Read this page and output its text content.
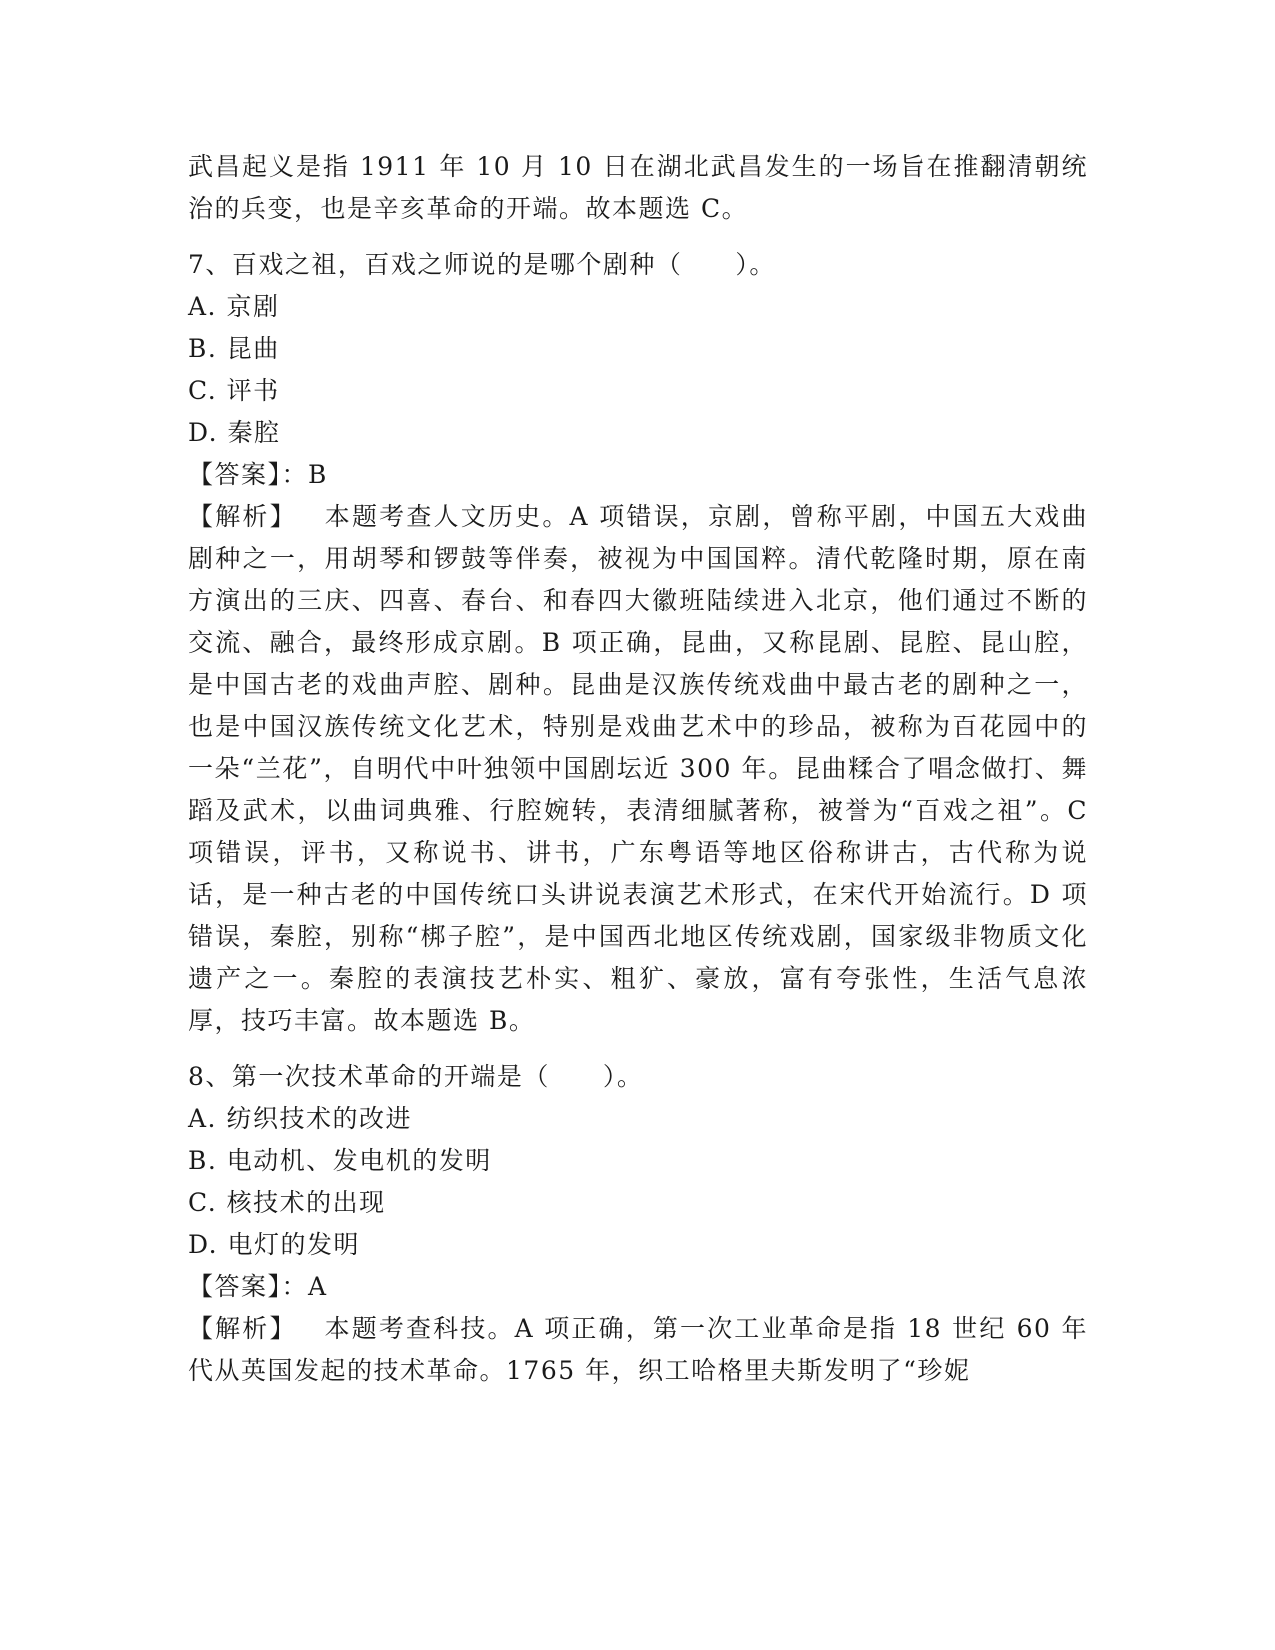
武昌起义是指 1911 年 10 月 10 日在湖北武昌发生的一场旨在推翻清朝统治的兵变，也是辛亥革命的开端。故本题选 C。

7、百戏之祖，百戏之师说的是哪个剧种（　　）。

A. 京剧

B. 昆曲

C. 评书

D. 秦腔

【答案】：B

【解析】 本题考查人文历史。A 项错误，京剧，曾称平剧，中国五大戏曲剧种之一，用胡琴和锣鼓等伴奏，被视为中国国粹。清代乾隆时期，原在南方演出的三庆、四喜、春台、和春四大徽班陆续进入北京，他们通过不断的交流、融合，最终形成京剧。B 项正确，昆曲，又称昆剧、昆腔、昆山腔，是中国古老的戏曲声腔、剧种。昆曲是汉族传统戏曲中最古老的剧种之一，也是中国汉族传统文化艺术，特别是戏曲艺术中的珍品，被称为百花园中的一朵“兰花”，自明代中叶独领中国剧坛近 300 年。昆曲糅合了唱念做打、舞蹈及武术，以曲词典雅、行腔婉转，表清细腻著称，被誉为“百戏之祖”。C 项错误，评书，又称说书、讲书，广东粤语等地区俗称讲古，古代称为说话，是一种古老的中国传统口头讲说表演艺术形式，在宋代开始流行。D 项错误，秦腔，别称“梆子腔”，是中国西北地区传统戏剧，国家级非物质文化遗产之一。秦腔的表演技艺朴实、粗犷、豪放，富有夸张性，生活气息浓厚，技巧丰富。故本题选 B。

8、第一次技术革命的开端是（　　）。

A. 纺织技术的改进

B. 电动机、发电机的发明

C. 核技术的出现

D. 电灯的发明

【答案】：A

【解析】 本题考查科技。A 项正确，第一次工业革命是指 18 世纪 60 年代从英国发起的技术革命。1765 年，织工哈格里夫斯发明了“珍妮
